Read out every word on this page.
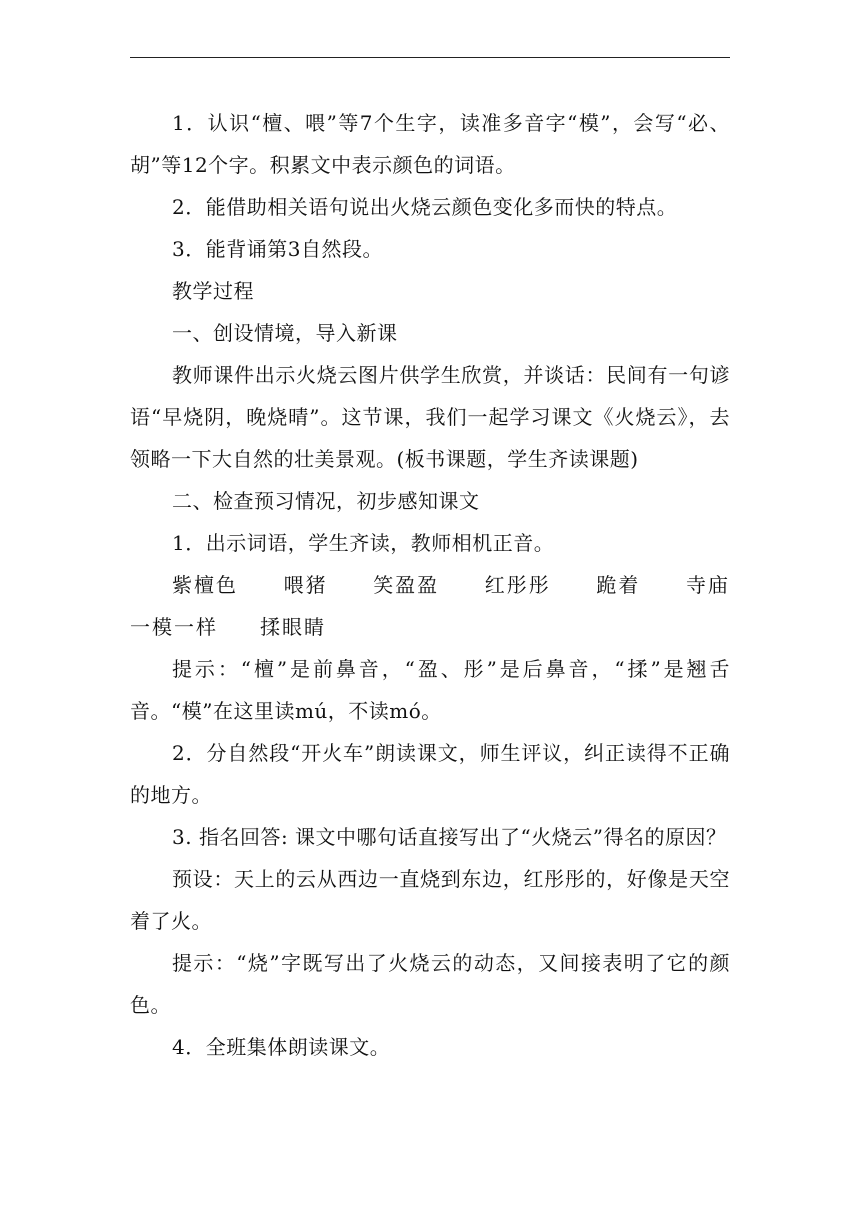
1．认识“檀、喂”等7个生字，读准多音字“模”，会写“必、胡”等12个字。积累文中表示颜色的词语。

2．能借助相关语句说出火烧云颜色变化多而快的特点。

3．能背诵第3自然段。

教学过程

一、创设情境，导入新课

教师课件出示火烧云图片供学生欣赏，并谈话：民间有一句谚语“早烧阴，晚烧晴”。这节课，我们一起学习课文《火烧云》，去领略一下大自然的壮美景观。(板书课题，学生齐读课题)

二、检查预习情况，初步感知课文

1．出示词语，学生齐读，教师相机正音。

紫檀色 喂猪 笑盈盈 红彤彤 跪着 寺庙
一模一样 揉眼睛

提示：“檀”是前鼻音，“盈、彤”是后鼻音，“揉”是翘舌音。“模”在这里读mú，不读mó。

2．分自然段“开火车”朗读课文，师生评议，纠正读得不正确的地方。

3. 指名回答: 课文中哪句话直接写出了“火烧云”得名的原因？

预设：天上的云从西边一直烧到东边，红彤彤的，好像是天空着了火。

提示：“烧”字既写出了火烧云的动态，又间接表明了它的颜色。

4．全班集体朗读课文。
